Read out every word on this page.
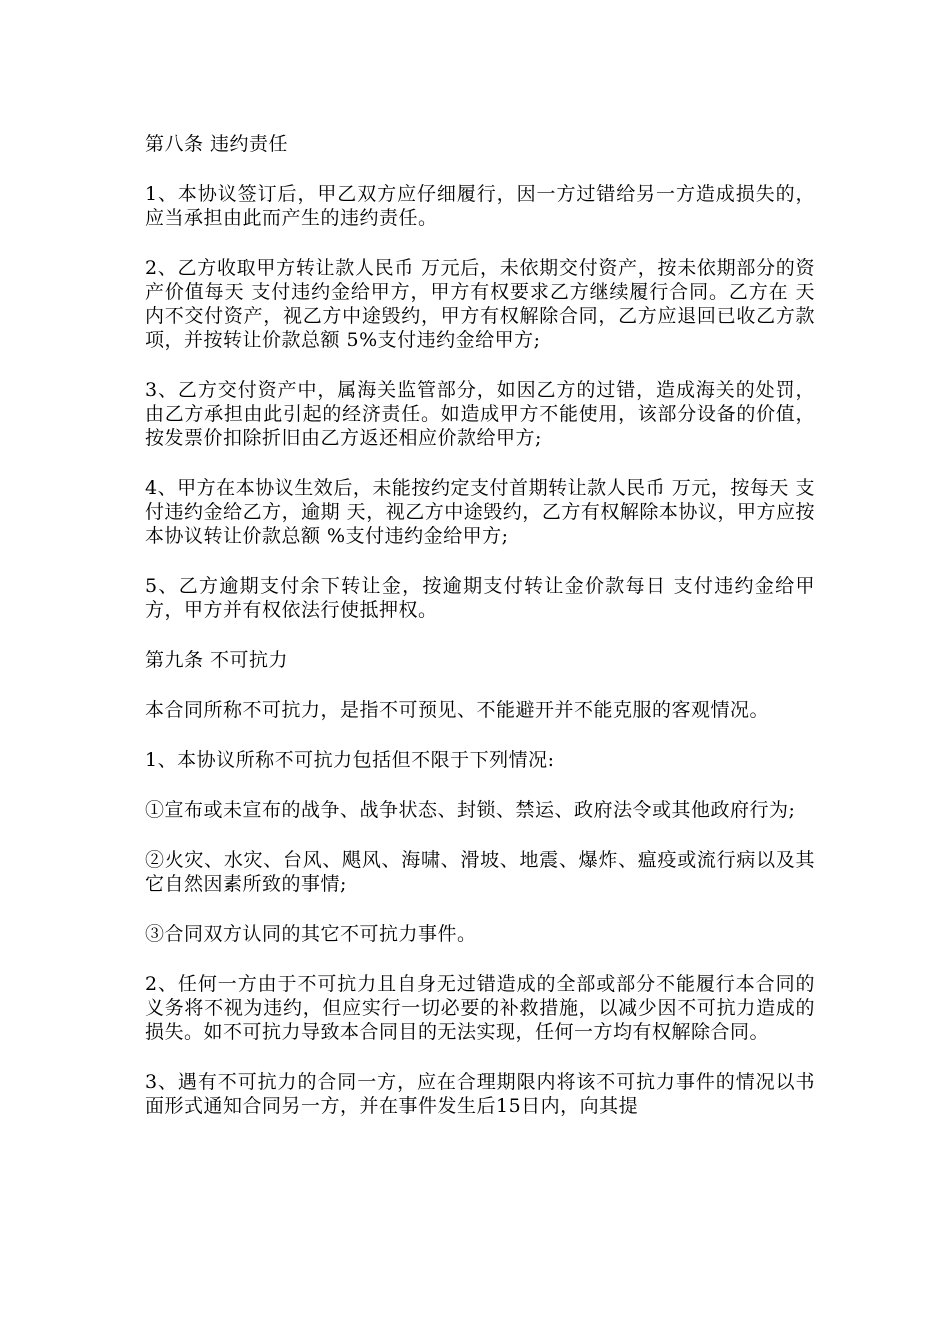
第八条 违约责任

1、本协议签订后，甲乙双方应仔细履行，因一方过错给另一方造成损失的，应当承担由此而产生的违约责任。

2、乙方收取甲方转让款人民币 万元后，未依期交付资产，按未依期部分的资产价值每天 支付违约金给甲方，甲方有权要求乙方继续履行合同。乙方在 天内不交付资产，视乙方中途毁约，甲方有权解除合同，乙方应退回已收乙方款项，并按转让价款总额 5%支付违约金给甲方;

3、乙方交付资产中，属海关监管部分，如因乙方的过错，造成海关的处罚，由乙方承担由此引起的经济责任。如造成甲方不能使用，该部分设备的价值，按发票价扣除折旧由乙方返还相应价款给甲方;

4、甲方在本协议生效后，未能按约定支付首期转让款人民币 万元，按每天 支付违约金给乙方，逾期 天，视乙方中途毁约，乙方有权解除本协议，甲方应按本协议转让价款总额 %支付违约金给甲方;

5、乙方逾期支付余下转让金，按逾期支付转让金价款每日 支付违约金给甲方，甲方并有权依法行使抵押权。

第九条 不可抗力

本合同所称不可抗力，是指不可预见、不能避开并不能克服的客观情况。

1、本协议所称不可抗力包括但不限于下列情况:

①宣布或未宣布的战争、战争状态、封锁、禁运、政府法令或其他政府行为;

②火灾、水灾、台风、飓风、海啸、滑坡、地震、爆炸、瘟疫或流行病以及其它自然因素所致的事情;

③合同双方认同的其它不可抗力事件。

2、任何一方由于不可抗力且自身无过错造成的全部或部分不能履行本合同的义务将不视为违约，但应实行一切必要的补救措施，以减少因不可抗力造成的损失。如不可抗力导致本合同目的无法实现，任何一方均有权解除合同。

3、遇有不可抗力的合同一方，应在合理期限内将该不可抗力事件的情况以书面形式通知合同另一方，并在事件发生后15日内，向其提
